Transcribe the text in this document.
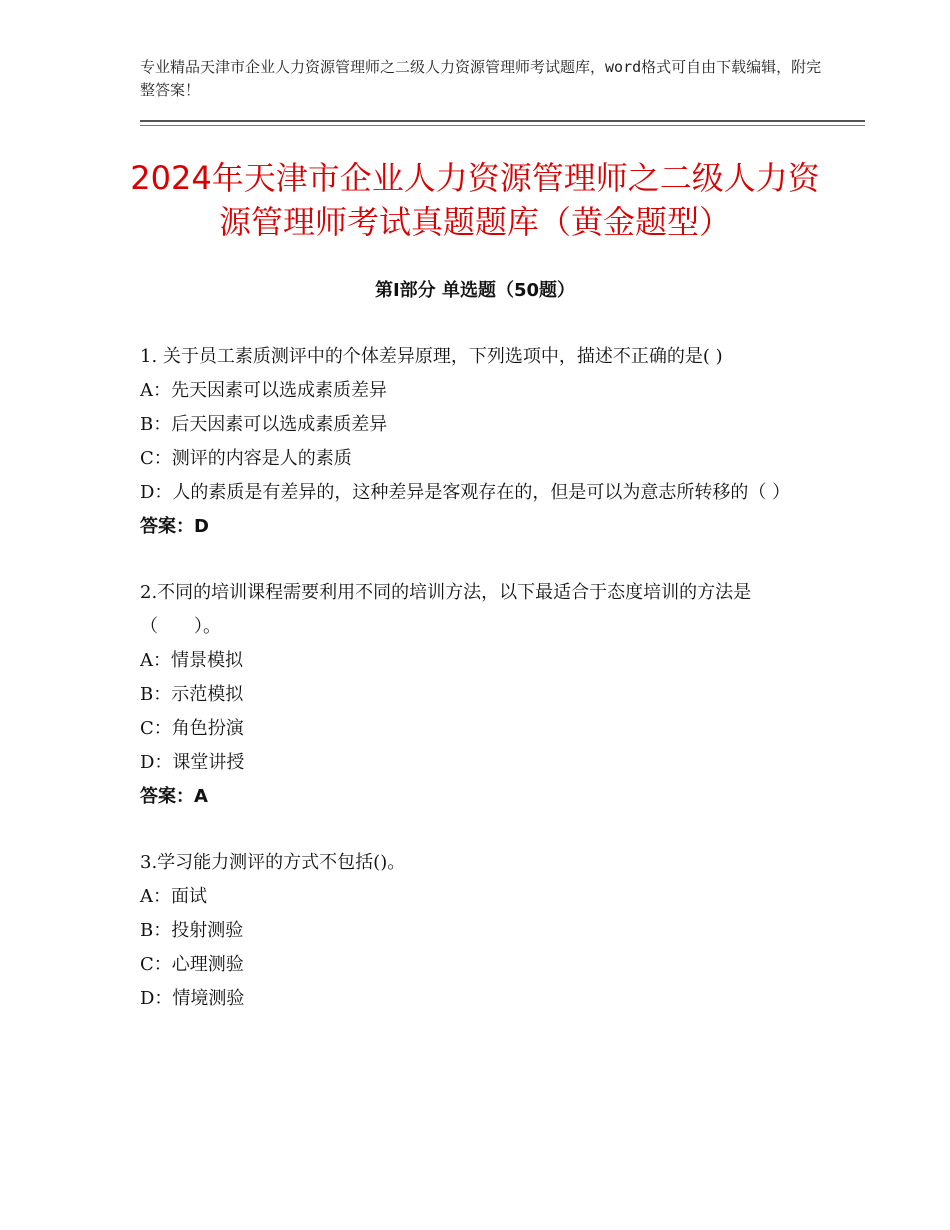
专业精品天津市企业人力资源管理师之二级人力资源管理师考试题库，word格式可自由下载编辑，附完整答案！
2024年天津市企业人力资源管理师之二级人力资源管理师考试真题题库（黄金题型）
第Ⅰ部分 单选题（50题）

1. 关于员工素质测评中的个体差异原理，下列选项中，描述不正确的是( )

A：先天因素可以选成素质差异

B：后天因素可以选成素质差异

C：测评的内容是人的素质

D：人的素质是有差异的，这种差异是客观存在的，但是可以为意志所转移的（ ）

答案：D

2.不同的培训课程需要利用不同的培训方法，以下最适合于态度培训的方法是（　　）。

A：情景模拟

B：示范模拟

C：角色扮演

D：课堂讲授

答案：A

3.学习能力测评的方式不包括()。

A：面试

B：投射测验

C：心理测验

D：情境测验
